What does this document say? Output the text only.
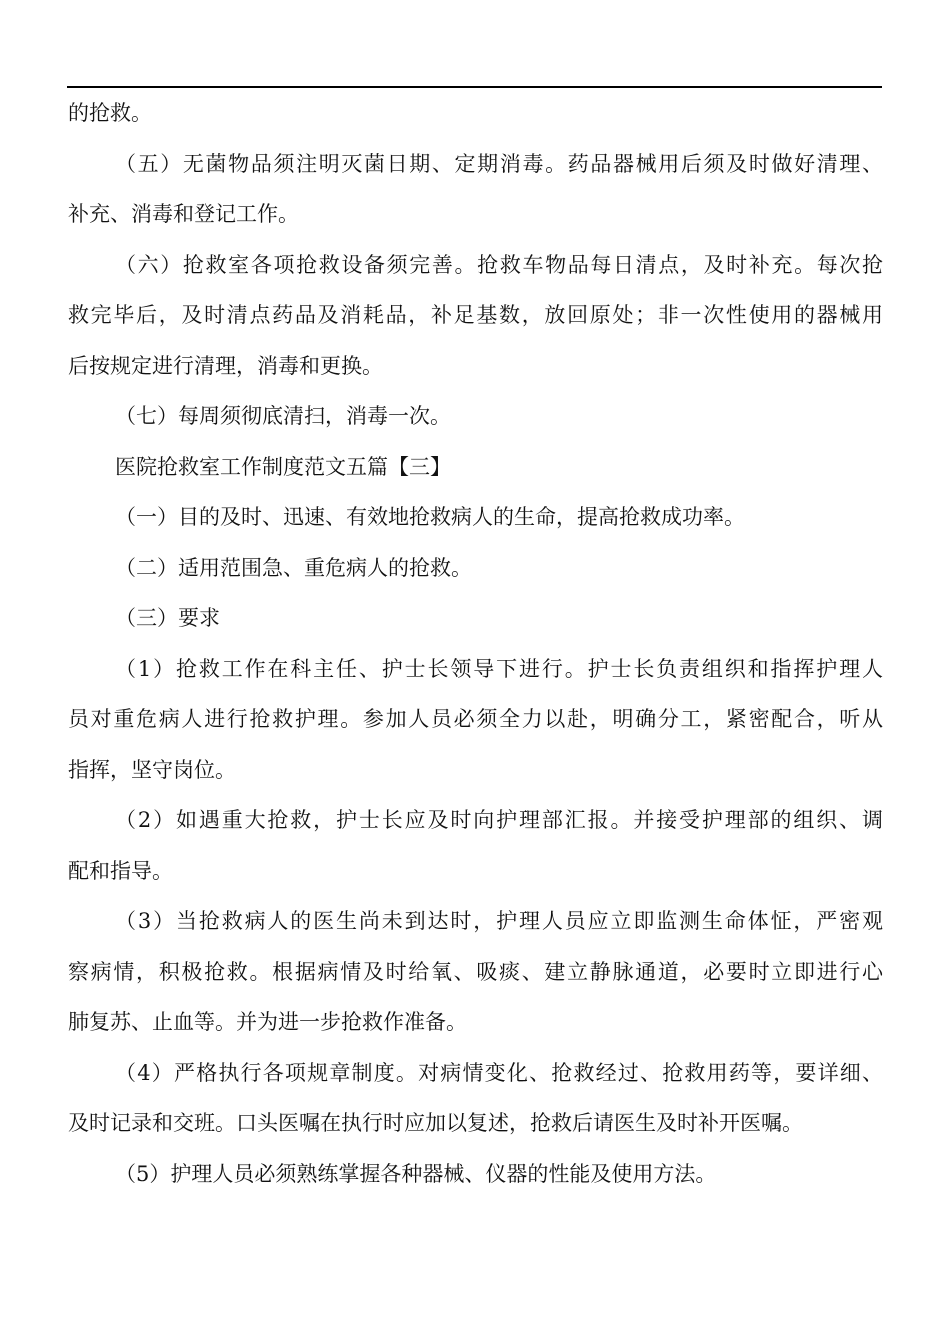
的抢救。
（五）无菌物品须注明灭菌日期、定期消毒。药品器械用后须及时做好清理、
补充、消毒和登记工作。
（六）抢救室各项抢救设备须完善。抢救车物品每日清点，及时补充。每次抢
救完毕后，及时清点药品及消耗品，补足基数，放回原处；非一次性使用的器械用
后按规定进行清理，消毒和更换。
（七）每周须彻底清扫，消毒一次。
医院抢救室工作制度范文五篇【三】
（一）目的及时、迅速、有效地抢救病人的生命，提高抢救成功率。
（二）适用范围急、重危病人的抢救。
（三）要求
（1）抢救工作在科主任、护士长领导下进行。护士长负责组织和指挥护理人
员对重危病人进行抢救护理。参加人员必须全力以赴，明确分工，紧密配合，听从
指挥，坚守岗位。
（2）如遇重大抢救，护士长应及时向护理部汇报。并接受护理部的组织、调
配和指导。
（3）当抢救病人的医生尚未到达时，护理人员应立即监测生命体怔，严密观
察病情，积极抢救。根据病情及时给氧、吸痰、建立静脉通道，必要时立即进行心
肺复苏、止血等。并为进一步抢救作准备。
（4）严格执行各项规章制度。对病情变化、抢救经过、抢救用药等，要详细、
及时记录和交班。口头医嘱在执行时应加以复述，抢救后请医生及时补开医嘱。
（5）护理人员必须熟练掌握各种器械、仪器的性能及使用方法。
